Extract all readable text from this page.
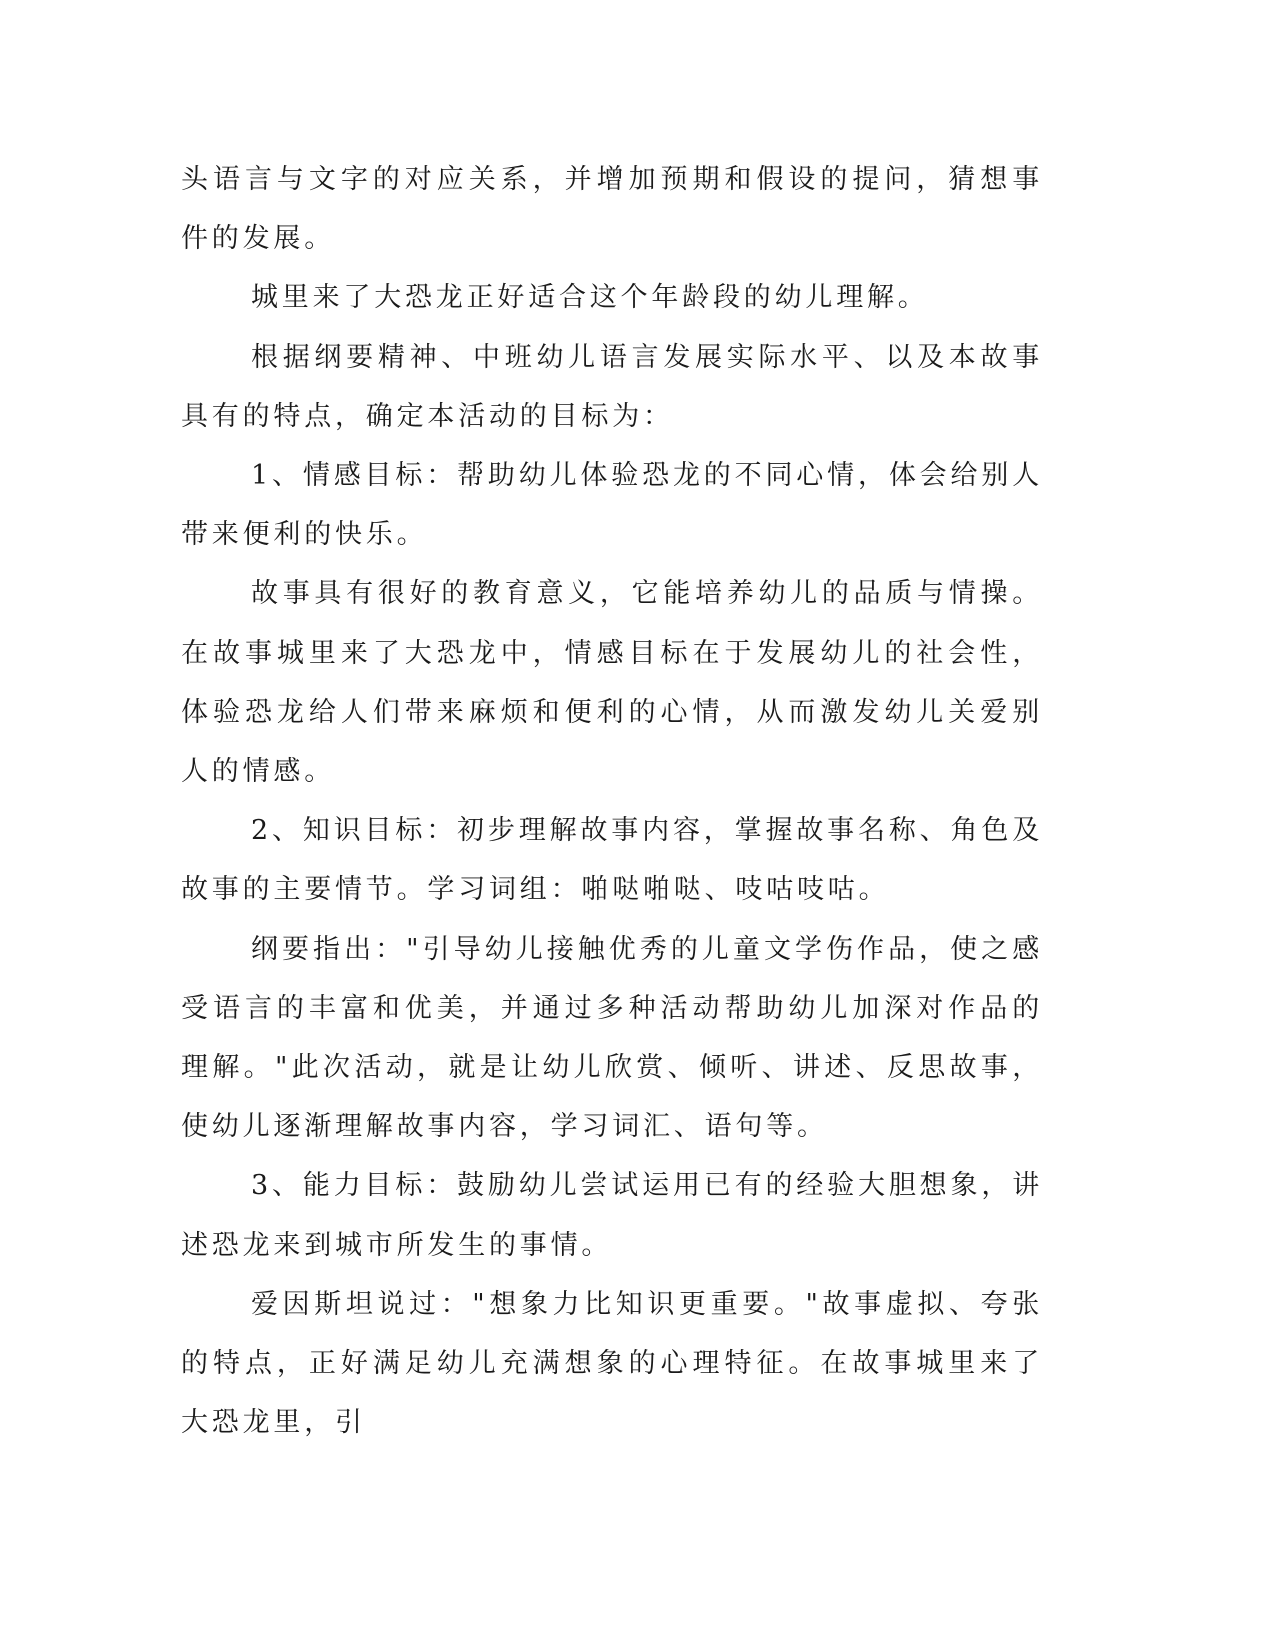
头语言与文字的对应关系，并增加预期和假设的提问，猜想事件的发展。

城里来了大恐龙正好适合这个年龄段的幼儿理解。

根据纲要精神、中班幼儿语言发展实际水平、以及本故事具有的特点，确定本活动的目标为：

1、情感目标：帮助幼儿体验恐龙的不同心情，体会给别人带来便利的快乐。

故事具有很好的教育意义，它能培养幼儿的品质与情操。在故事城里来了大恐龙中，情感目标在于发展幼儿的社会性，体验恐龙给人们带来麻烦和便利的心情，从而激发幼儿关爱别人的情感。

2、知识目标：初步理解故事内容，掌握故事名称、角色及故事的主要情节。学习词组：啪哒啪哒、吱咕吱咕。

纲要指出："引导幼儿接触优秀的儿童文学伤作品，使之感受语言的丰富和优美，并通过多种活动帮助幼儿加深对作品的理解。"此次活动，就是让幼儿欣赏、倾听、讲述、反思故事，使幼儿逐渐理解故事内容，学习词汇、语句等。

3、能力目标：鼓励幼儿尝试运用已有的经验大胆想象，讲述恐龙来到城市所发生的事情。

爱因斯坦说过："想象力比知识更重要。"故事虚拟、夸张的特点，正好满足幼儿充满想象的心理特征。在故事城里来了大恐龙里，引
